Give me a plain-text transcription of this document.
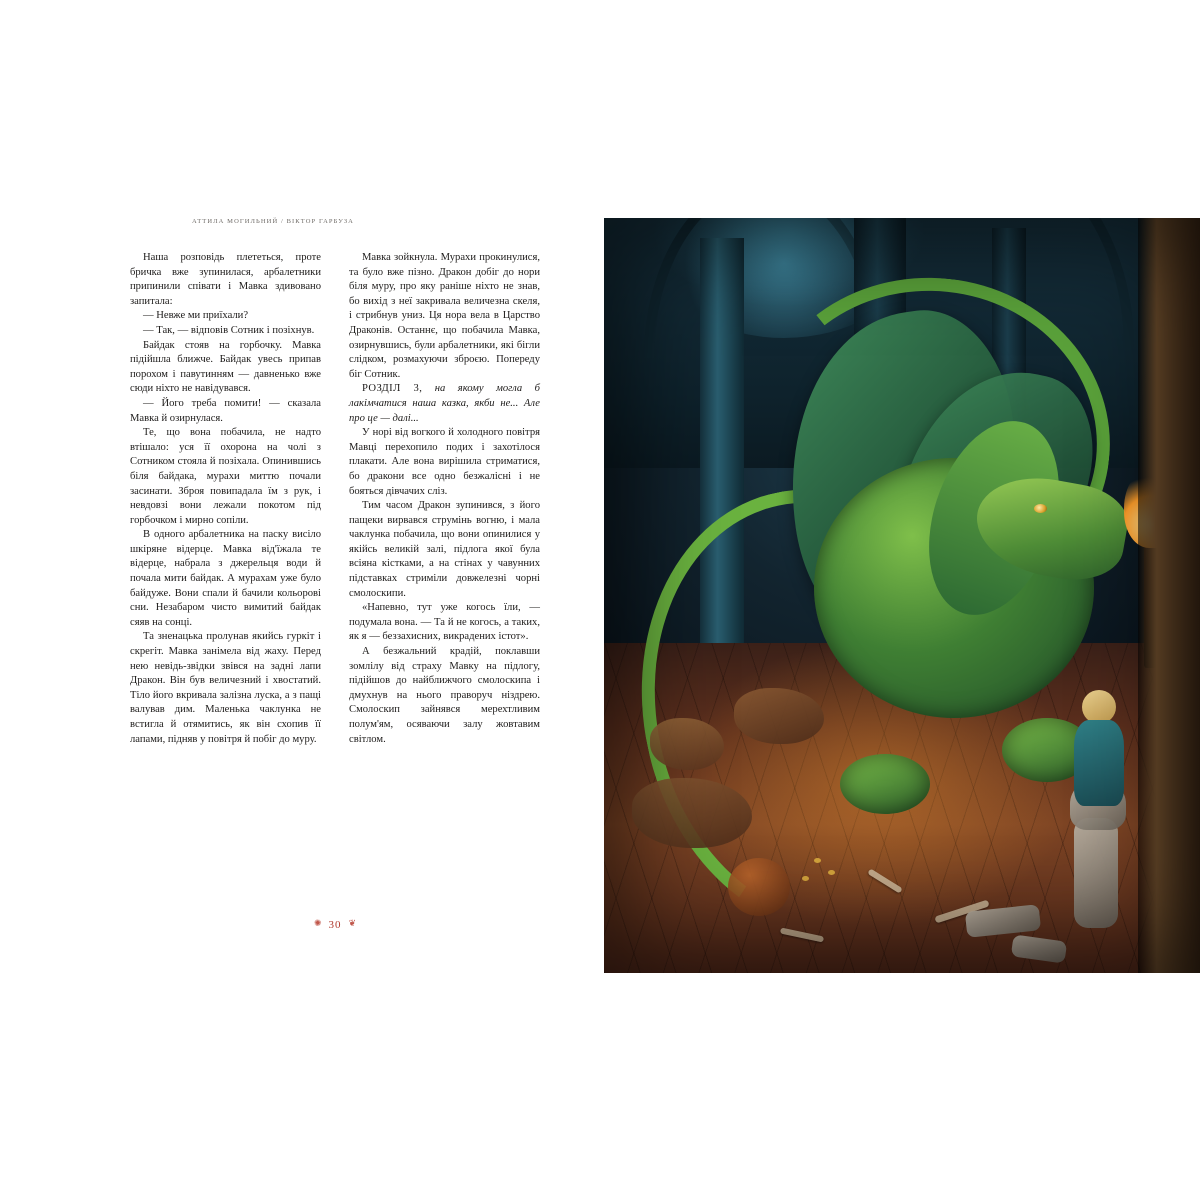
АТТИЛА МОГИЛЬНИЙ / ВІКТОР ГАРБУЗА

Наша розповідь плететься, проте бричка вже зупинилася, арбалетники припинили співати і Мавка здивовано запитала:

— Невже ми приїхали?

— Так, — відповів Сотник і позіхнув.

Байдак стояв на горбочку. Мавка підійшла ближче. Байдак увесь припав порохом і павутинням — давненько вже сюди ніхто не навідувався.

— Його треба помити! — сказала Мавка й озирнулася.

Те, що вона побачила, не надто втішало: уся її охорона на чолі з Сотником стояла й позіхала. Опинившись біля байдака, мурахи миттю почали засинати. Зброя повипадала їм з рук, і невдовзі вони лежали покотом під горбочком і мирно сопіли.

В одного арбалетника на паску висіло шкіряне відерце. Мавка від'їжала те відерце, набрала з джерельця води й почала мити байдак. А мурахам уже було байдуже. Вони спали й бачили кольорові сни. Незабаром чисто вимитий байдак сяяв на сонці.

Та зненацька пролунав якийсь гуркіт і скрегіт. Мавка занімела від жаху. Перед нею невідь-звідки звівся на задні лапи Дракон. Він був величезний і хвостатий. Тіло його вкривала залізна луска, а з пащі валував дим. Маленька чаклунка не встигла й отямитись, як він схопив її лапами, підняв у повітря й побіг до муру.

Мавка зойкнула. Мурахи прокинулися, та було вже пізно. Дракон добіг до нори біля муру, про яку раніше ніхто не знав, бо вихід з неї закривала величезна скеля, і стрибнув униз. Ця нора вела в Царство Драконів. Останнє, що побачила Мавка, озирнувшись, були арбалетники, які бігли слідком, розмахуючи зброєю. Попереду біг Сотник.

РОЗДІЛ 3, на якому могла б лакімчатися наша казка, якби не... Але про це — далі...

У норі від вогкого й холодного повітря Мавці перехопило подих і захотілося плакати. Але вона вирішила стриматися, бо дракони все одно безжалісні і не бояться дівчачих сліз.

Тим часом Дракон зупинився, з його пащеки вирвався струмінь вогню, і мала чаклунка побачила, що вони опинилися у якійсь великій залі, підлога якої була всіяна кістками, а на стінах у чавунних підставках стриміли довжелезні чорні смолоскипи.

«Напевно, тут уже когось їли, — подумала вона. — Та й не когось, а таких, як я — беззахисних, викрадених істот».

А безжальний крадій, поклавши зомлілу від страху Мавку на підлогу, підійшов до найближчого смолоскипа і дмухнув на нього праворуч ніздрею. Смолоскип зайнявся мерехтливим полум'ям, осяваючи залу жовтавим світлом.

✺ 30 ❦
